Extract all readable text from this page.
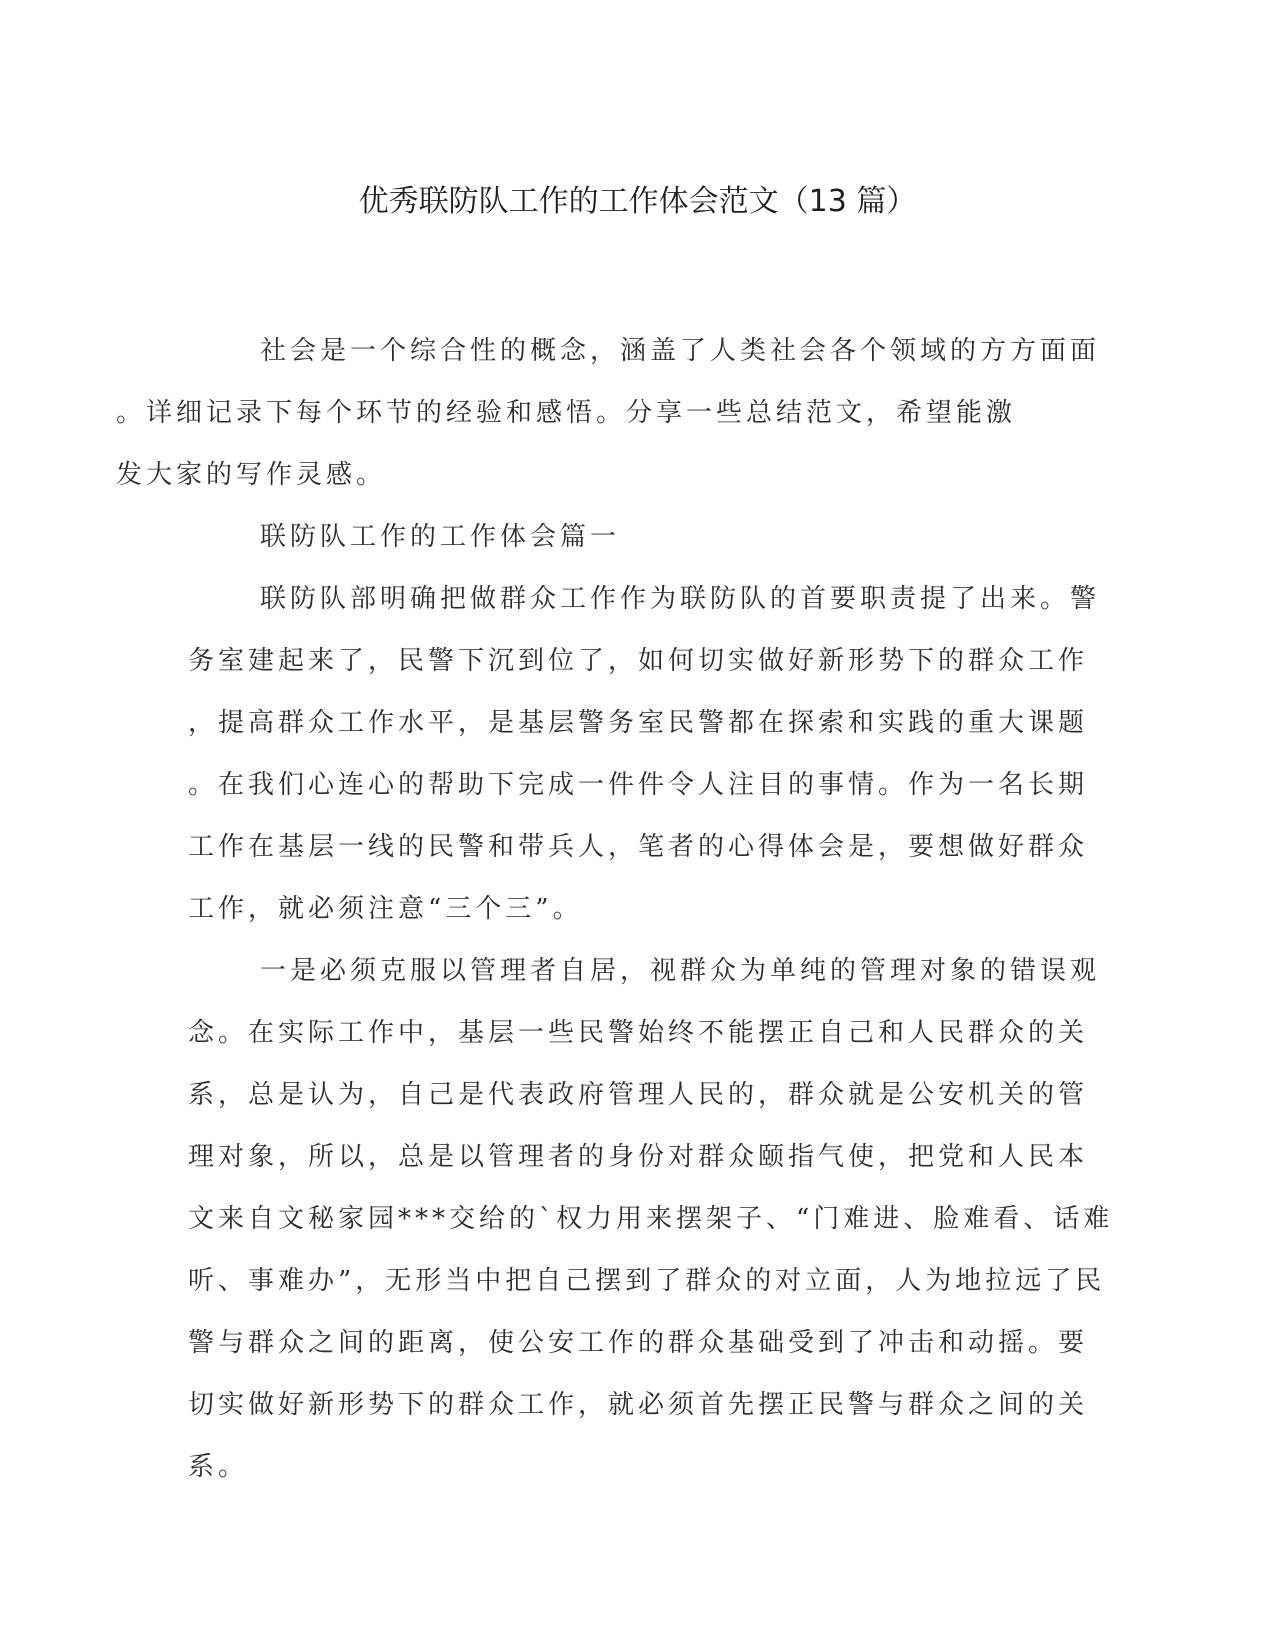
优秀联防队工作的工作体会范文（13 篇）

社会是一个综合性的概念，涵盖了人类社会各个领域的方方面面
。详细记录下每个环节的经验和感悟。分享一些总结范文，希望能激
发大家的写作灵感。

联防队工作的工作体会篇一

联防队部明确把做群众工作作为联防队的首要职责提了出来。警
务室建起来了，民警下沉到位了，如何切实做好新形势下的群众工作
，提高群众工作水平，是基层警务室民警都在探索和实践的重大课题
。在我们心连心的帮助下完成一件件令人注目的事情。作为一名长期
工作在基层一线的民警和带兵人，笔者的心得体会是，要想做好群众
工作，就必须注意“三个三”。

一是必须克服以管理者自居，视群众为单纯的管理对象的错误观
念。在实际工作中，基层一些民警始终不能摆正自己和人民群众的关
系，总是认为，自己是代表政府管理人民的，群众就是公安机关的管
理对象，所以，总是以管理者的身份对群众颐指气使，把党和人民本
文来自文秘家园***交给的`权力用来摆架子、“门难进、脸难看、话难
听、事难办”，无形当中把自己摆到了群众的对立面，人为地拉远了民
警与群众之间的距离，使公安工作的群众基础受到了冲击和动摇。要
切实做好新形势下的群众工作，就必须首先摆正民警与群众之间的关
系。
